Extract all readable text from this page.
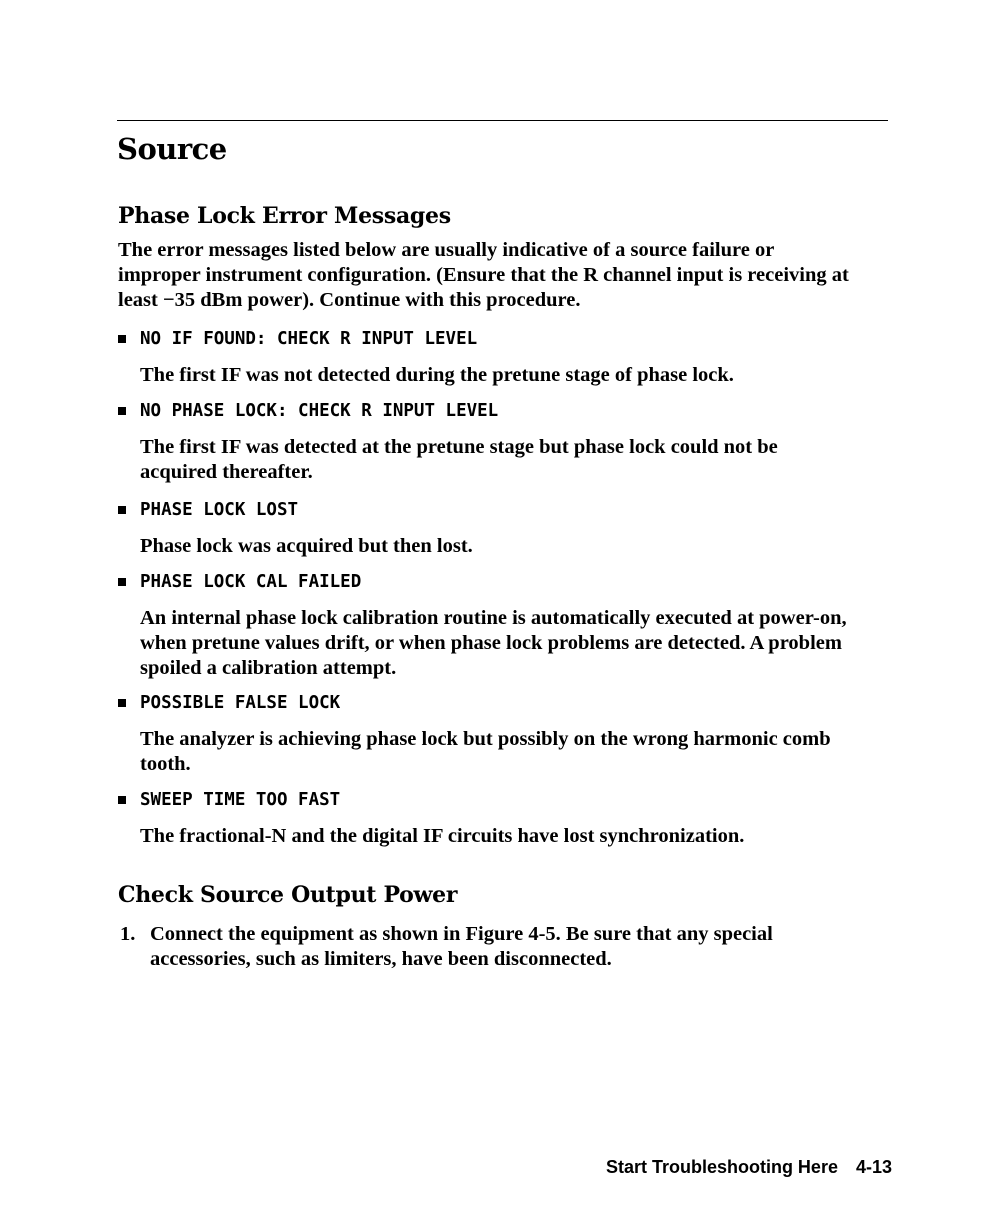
Source
Phase Lock Error Messages

The error messages listed below are usually indicative of a source failure or improper instrument configuration. (Ensure that the R channel input is receiving at least −35 dBm power). Continue with this procedure.

NO IF FOUND: CHECK R INPUT LEVEL

The first IF was not detected during the pretune stage of phase lock.

NO PHASE LOCK: CHECK R INPUT LEVEL

The first IF was detected at the pretune stage but phase lock could not be acquired thereafter.

PHASE LOCK LOST

Phase lock was acquired but then lost.

PHASE LOCK CAL FAILED

An internal phase lock calibration routine is automatically executed at power-on, when pretune values drift, or when phase lock problems are detected. A problem spoiled a calibration attempt.

POSSIBLE FALSE LOCK

The analyzer is achieving phase lock but possibly on the wrong harmonic comb tooth.

SWEEP TIME TOO FAST

The fractional-N and the digital IF circuits have lost synchronization.

Check Source Output Power
1. Connect the equipment as shown in Figure 4-5. Be sure that any special accessories, such as limiters, have been disconnected.

Start Troubleshooting Here 4-13
